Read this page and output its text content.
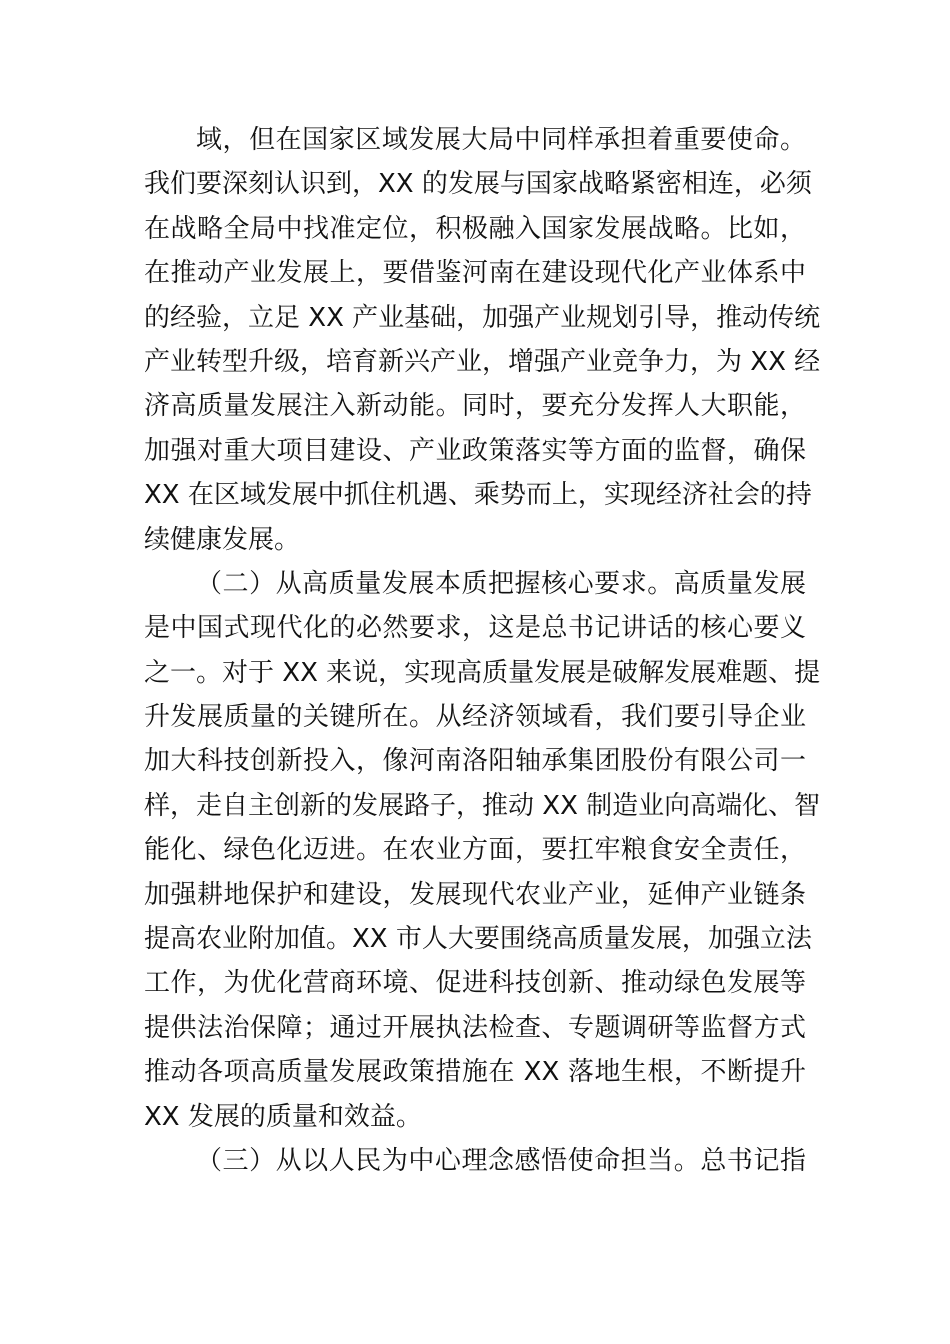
域，但在国家区域发展大局中同样承担着重要使命。
我们要深刻认识到，XX 的发展与国家战略紧密相连，必须
在战略全局中找准定位，积极融入国家发展战略。比如，
在推动产业发展上，要借鉴河南在建设现代化产业体系中
的经验，立足 XX 产业基础，加强产业规划引导，推动传统
产业转型升级，培育新兴产业，增强产业竞争力，为 XX 经
济高质量发展注入新动能。同时，要充分发挥人大职能，
加强对重大项目建设、产业政策落实等方面的监督，确保
XX 在区域发展中抓住机遇、乘势而上，实现经济社会的持
续健康发展。
（二）从高质量发展本质把握核心要求。高质量发展
是中国式现代化的必然要求，这是总书记讲话的核心要义
之一。对于 XX 来说，实现高质量发展是破解发展难题、提
升发展质量的关键所在。从经济领域看，我们要引导企业
加大科技创新投入，像河南洛阳轴承集团股份有限公司一
样，走自主创新的发展路子，推动 XX 制造业向高端化、智
能化、绿色化迈进。在农业方面，要扛牢粮食安全责任，
加强耕地保护和建设，发展现代农业产业，延伸产业链条
提高农业附加值。XX 市人大要围绕高质量发展，加强立法
工作，为优化营商环境、促进科技创新、推动绿色发展等
提供法治保障；通过开展执法检查、专题调研等监督方式
推动各项高质量发展政策措施在 XX 落地生根，不断提升
XX 发展的质量和效益。
（三）从以人民为中心理念感悟使命担当。总书记指
